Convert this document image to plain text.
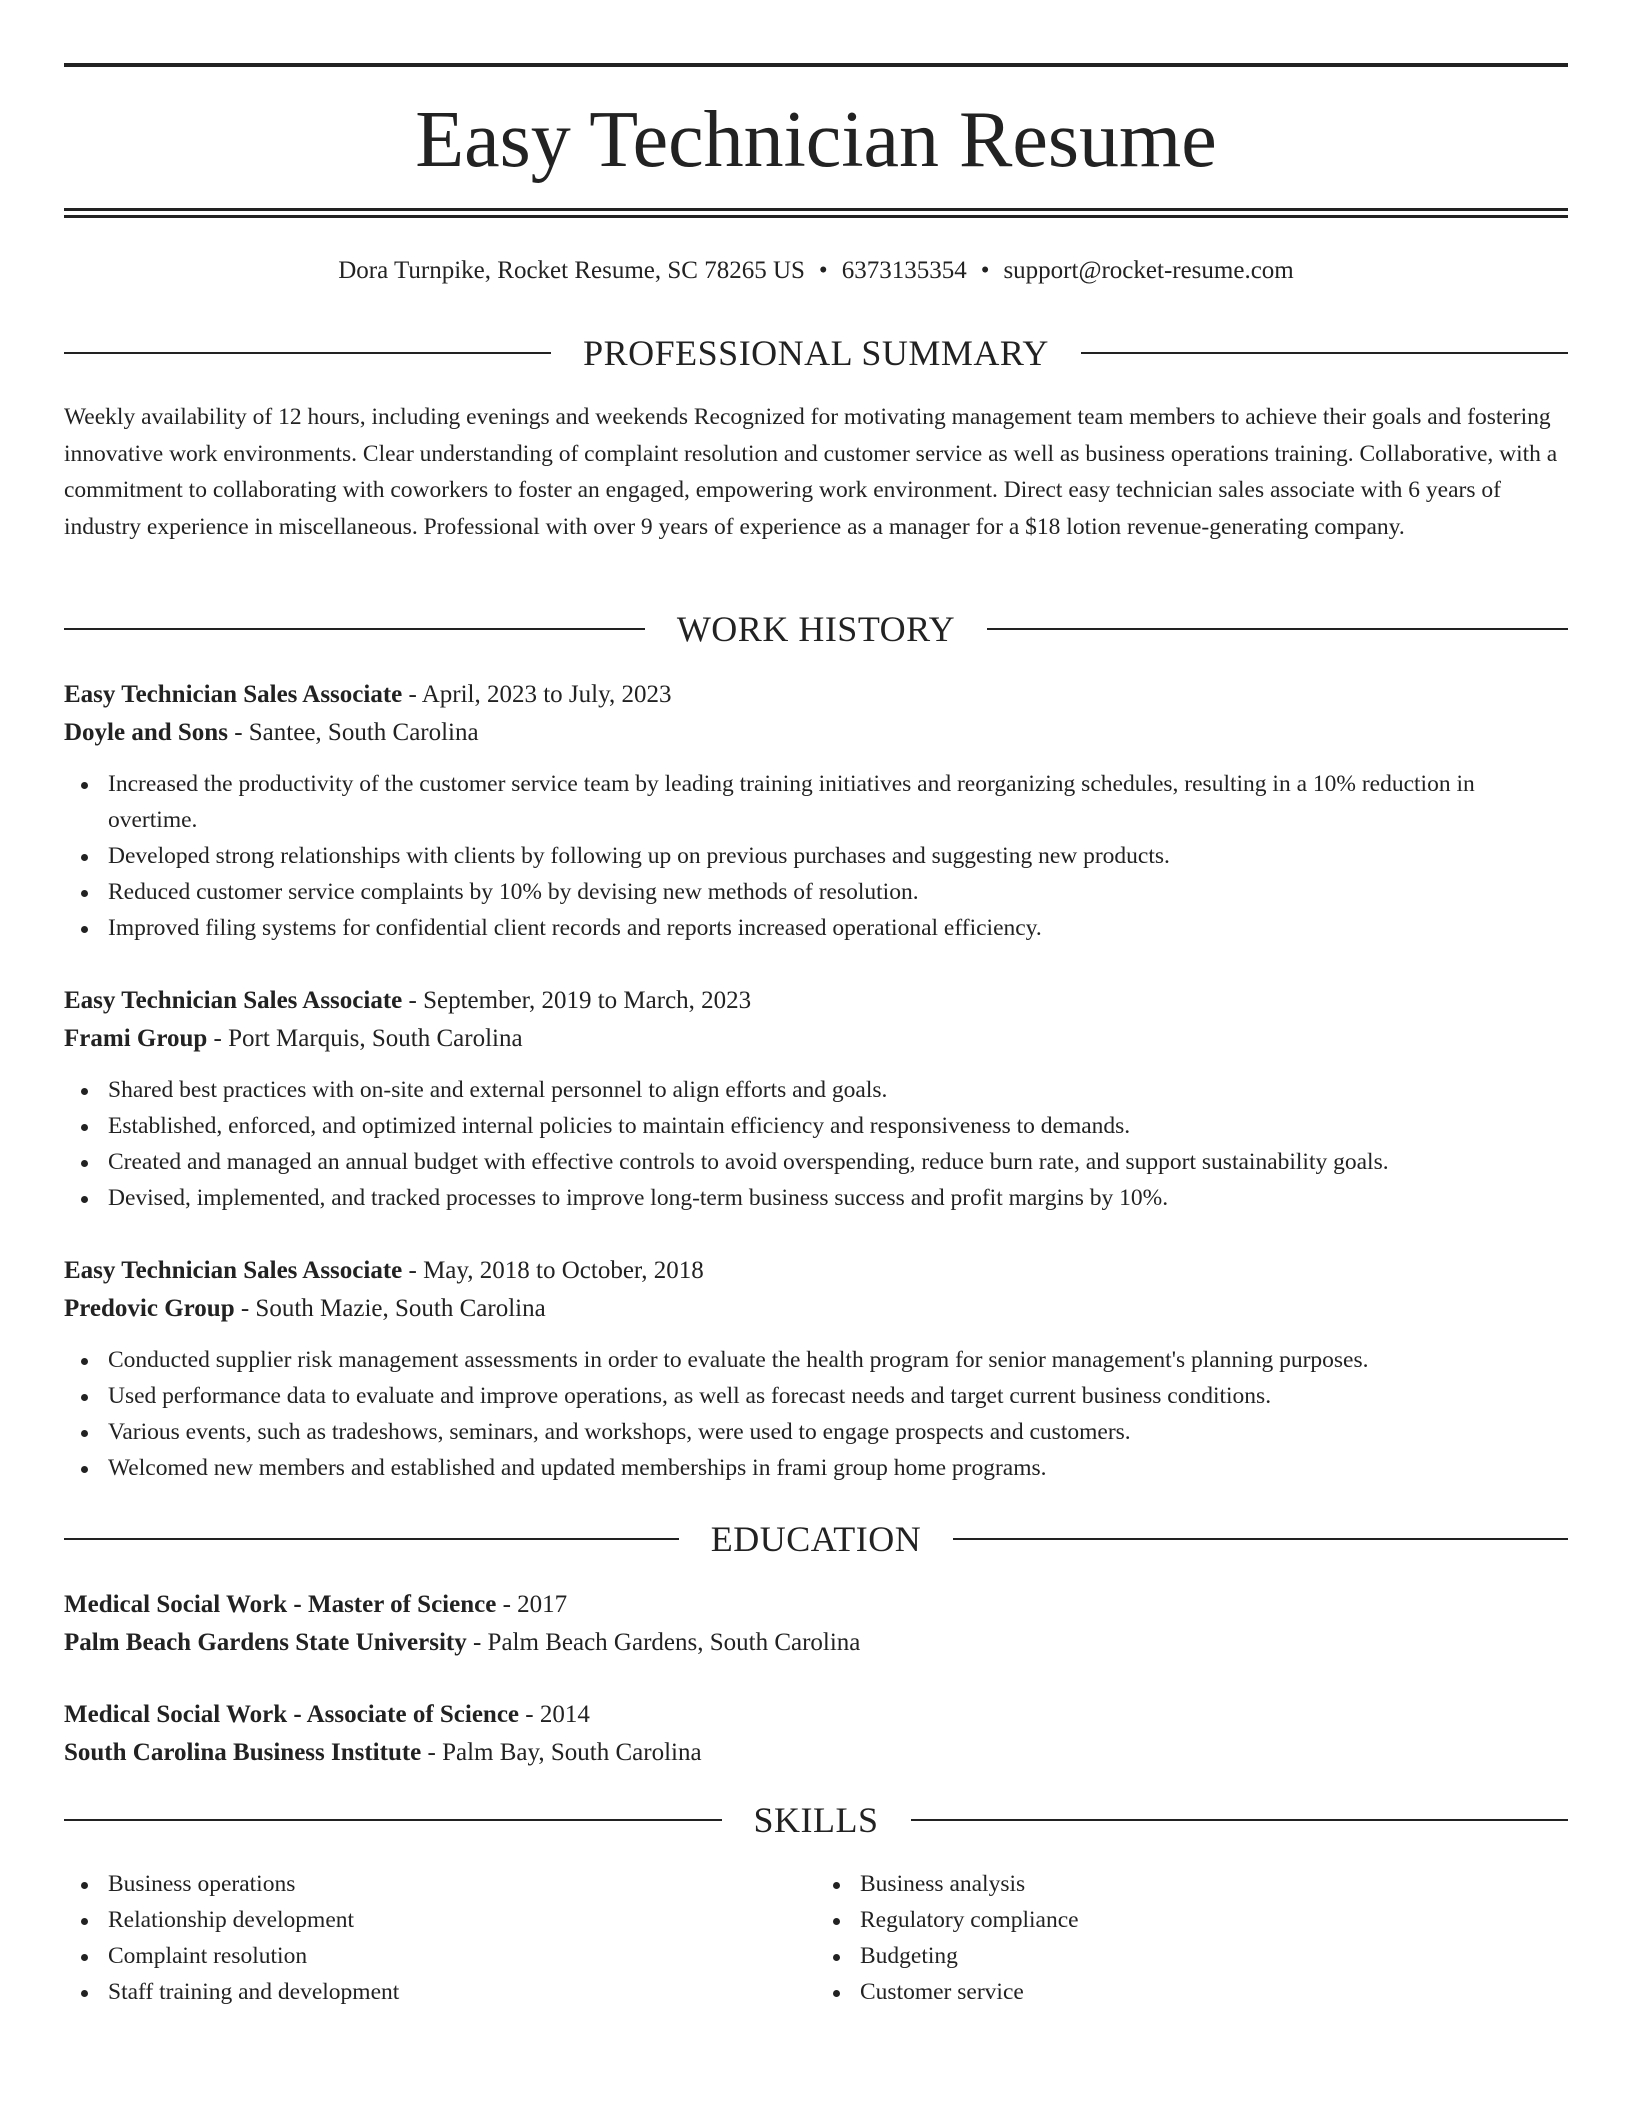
Easy Technician Resume
Dora Turnpike, Rocket Resume, SC 78265 US • 6373135354 • support@rocket-resume.com
PROFESSIONAL SUMMARY

Weekly availability of 12 hours, including evenings and weekends Recognized for motivating management team members to achieve their goals and fostering innovative work environments. Clear understanding of complaint resolution and customer service as well as business operations training. Collaborative, with a commitment to collaborating with coworkers to foster an engaged, empowering work environment. Direct easy technician sales associate with 6 years of industry experience in miscellaneous. Professional with over 9 years of experience as a manager for a $18 lotion revenue-generating company.

WORK HISTORY
Easy Technician Sales Associate - April, 2023 to July, 2023
Doyle and Sons - Santee, South Carolina
Increased the productivity of the customer service team by leading training initiatives and reorganizing schedules, resulting in a 10% reduction in overtime.
Developed strong relationships with clients by following up on previous purchases and suggesting new products.
Reduced customer service complaints by 10% by devising new methods of resolution.
Improved filing systems for confidential client records and reports increased operational efficiency.
Easy Technician Sales Associate - September, 2019 to March, 2023
Frami Group - Port Marquis, South Carolina
Shared best practices with on-site and external personnel to align efforts and goals.
Established, enforced, and optimized internal policies to maintain efficiency and responsiveness to demands.
Created and managed an annual budget with effective controls to avoid overspending, reduce burn rate, and support sustainability goals.
Devised, implemented, and tracked processes to improve long-term business success and profit margins by 10%.
Easy Technician Sales Associate - May, 2018 to October, 2018
Predovic Group - South Mazie, South Carolina
Conducted supplier risk management assessments in order to evaluate the health program for senior management's planning purposes.
Used performance data to evaluate and improve operations, as well as forecast needs and target current business conditions.
Various events, such as tradeshows, seminars, and workshops, were used to engage prospects and customers.
Welcomed new members and established and updated memberships in frami group home programs.
EDUCATION
Medical Social Work - Master of Science - 2017
Palm Beach Gardens State University - Palm Beach Gardens, South Carolina
Medical Social Work - Associate of Science - 2014
South Carolina Business Institute - Palm Bay, South Carolina
SKILLS
Business operations
Relationship development
Complaint resolution
Staff training and development
Business analysis
Regulatory compliance
Budgeting
Customer service
